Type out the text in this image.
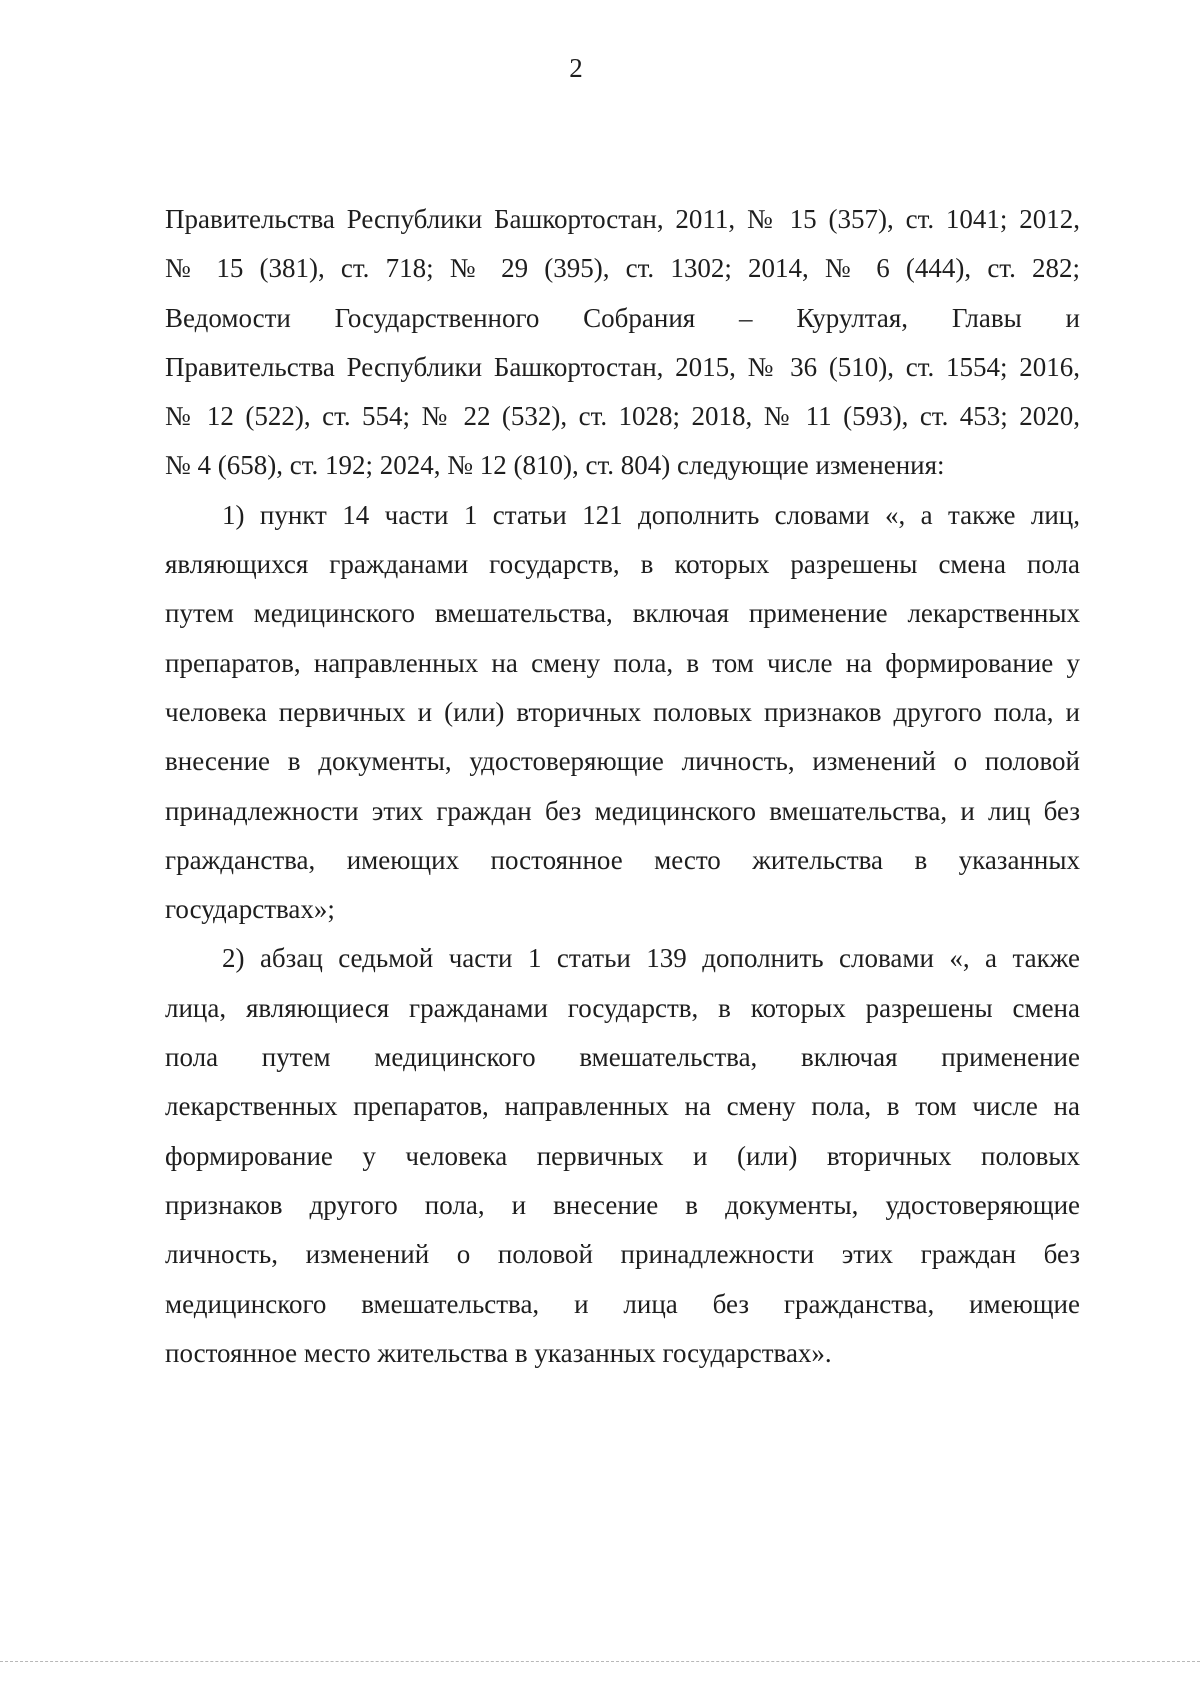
2
Правительства Республики Башкортостан, 2011, № 15 (357), ст. 1041; 2012,
№ 15 (381), ст. 718; № 29 (395), ст. 1302; 2014, № 6 (444), ст. 282;
Ведомости Государственного Собрания – Курултая, Главы и
Правительства Республики Башкортостан, 2015, № 36 (510), ст. 1554; 2016,
№ 12 (522), ст. 554; № 22 (532), ст. 1028; 2018, № 11 (593), ст. 453; 2020,
№ 4 (658), ст. 192; 2024, № 12 (810), ст. 804) следующие изменения:
1) пункт 14 части 1 статьи 121 дополнить словами «, а также лиц,
являющихся гражданами государств, в которых разрешены смена пола
путем медицинского вмешательства, включая применение лекарственных
препаратов, направленных на смену пола, в том числе на формирование у
человека первичных и (или) вторичных половых признаков другого пола, и
внесение в документы, удостоверяющие личность, изменений о половой
принадлежности этих граждан без медицинского вмешательства, и лиц без
гражданства, имеющих постоянное место жительства в указанных
государствах»;
2) абзац седьмой части 1 статьи 139 дополнить словами «, а также
лица, являющиеся гражданами государств, в которых разрешены смена
пола путем медицинского вмешательства, включая применение
лекарственных препаратов, направленных на смену пола, в том числе на
формирование у человека первичных и (или) вторичных половых
признаков другого пола, и внесение в документы, удостоверяющие
личность, изменений о половой принадлежности этих граждан без
медицинского вмешательства, и лица без гражданства, имеющие
постоянное место жительства в указанных государствах».
